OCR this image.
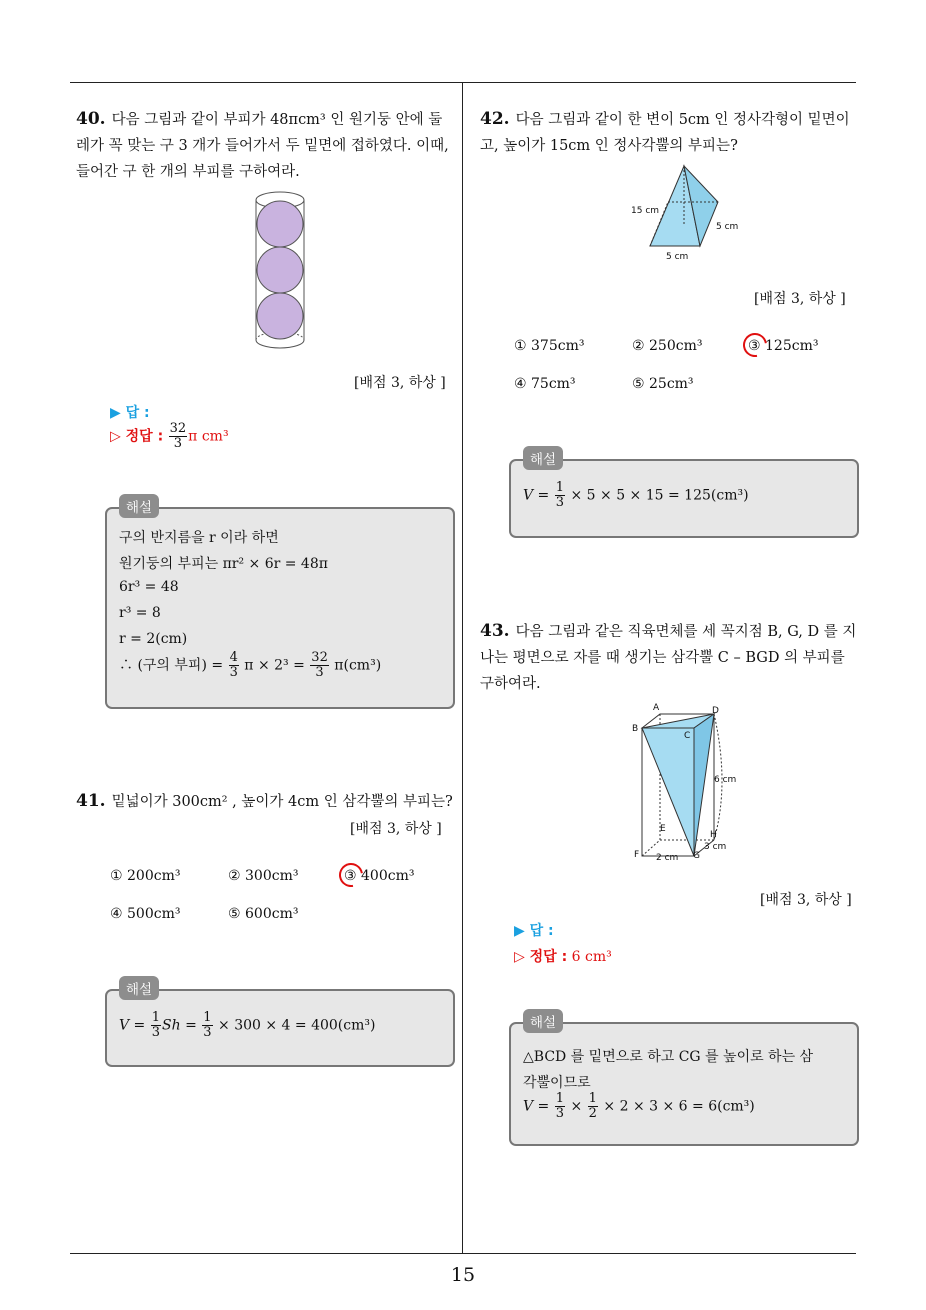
40. 다음 그림과 같이 부피가 48πcm³ 인 원기둥 안에 둘레가 꼭 맞는 구 3 개가 들어가서 두 밑면에 접하였다. 이때, 들어간 구 한 개의 부피를 구하여라.
[배점 3, 하상 ]
▶ 답 :
▷ 정답 : $\frac{32}{3}$ π cm³
구의 반지름을 r 이라 하면
원기둥의 부피는 πr² × 6r = 48π
6r³ = 48
r³ = 8
r = 2(cm)
∴ (구의 부피) = $\frac{4}{3}$ $\pi \times 2^3 = \frac{32}{3} \pi(cm^3)$
해설
41. 밑넓이가 300cm² , 높이가 4cm 인 삼각뿔의 부피는?
[배점 3, 하상 ]
① 200cm³	② 300cm³	③ 400cm³
④ 500cm³	⑤ 600cm³
$V = \frac{1}{3}$ $Sh = \frac{1}{3} \times 300 \times 4 = 400(cm^3)$
해설
42. 다음 그림과 같이 한 변이 5cm 인 정사각형이 밑면이고, 높이가 15cm 인 정사각뿔의 부피는?
15 cm
5 cm
5 cm
[배점 3, 하상 ]
① 375cm³	② 250cm³	③ 125cm³
④ 75cm³	⑤ 25cm³
$V = \frac{1}{3} \times 5 \times 5 \times 15 = 125(cm^3)$
해설
43. 다음 그림과 같은 직육면체를 세 꼭지점 B, G, D 를 지나는 평면으로 자를 때 생기는 삼각뿔 C – BGD 의 부피를 구하여라.
A	D
B
C
6 cm
E
H
3 cm
F 2 cm G
[배점 3, 하상 ]
▶ 답 :
▷ 정답 : 6 cm³
△BCD 를 밑면으로 하고 CG 를 높이로 하는 삼
각뿔이므로
$V = \frac{1}{3} \times \frac{1}{2} \times 2 \times 3 \times 6 = 6(cm^3)$
해설
15
